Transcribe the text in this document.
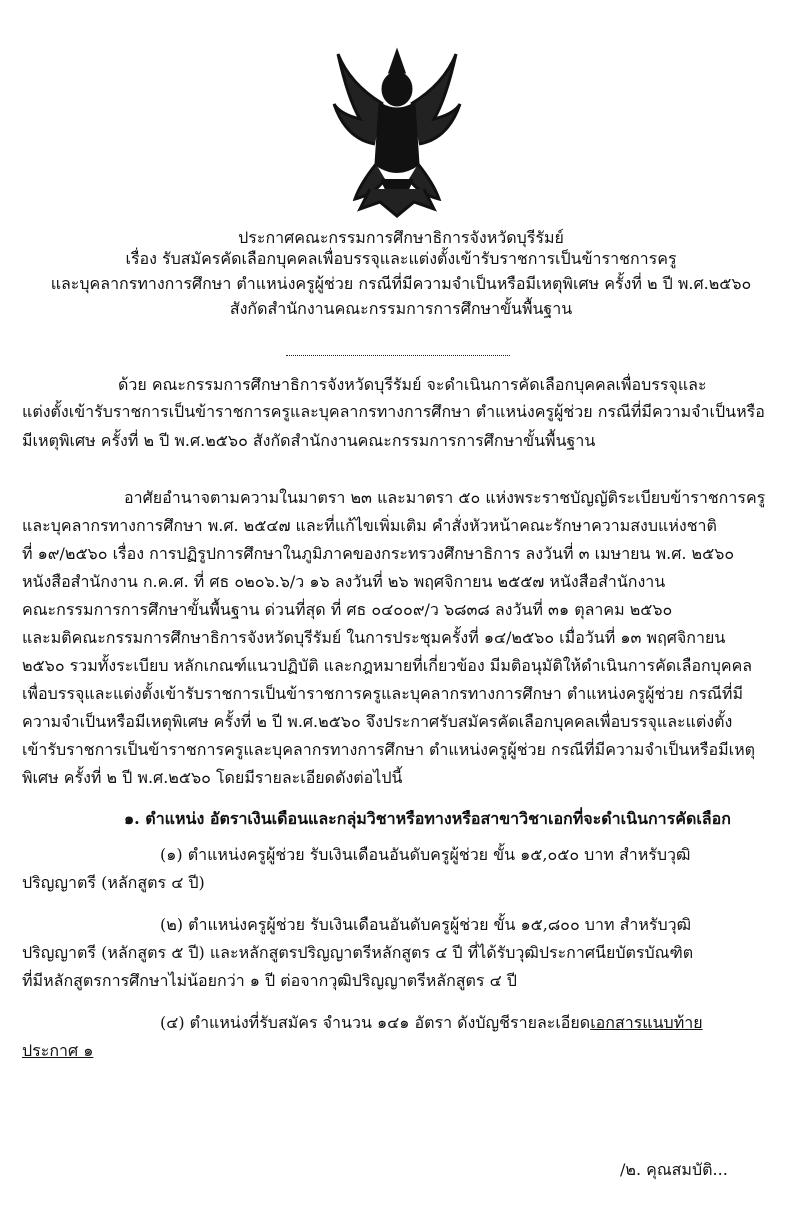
ประกาศคณะกรรมการศึกษาธิการจังหวัดบุรีรัมย์
เรื่อง รับสมัครคัดเลือกบุคคลเพื่อบรรจุและแต่งตั้งเข้ารับราชการเป็นข้าราชการครู
และบุคลากรทางการศึกษา ตำแหน่งครูผู้ช่วย กรณีที่มีความจำเป็นหรือมีเหตุพิเศษ ครั้งที่ ๒ ปี พ.ศ.๒๕๖๐
สังกัดสำนักงานคณะกรรมการการศึกษาขั้นพื้นฐาน
ด้วย คณะกรรมการศึกษาธิการจังหวัดบุรีรัมย์ จะดำเนินการคัดเลือกบุคคลเพื่อบรรจุและ
แต่งตั้งเข้ารับราชการเป็นข้าราชการครูและบุคลากรทางการศึกษา ตำแหน่งครูผู้ช่วย กรณีที่มีความจำเป็นหรือ
มีเหตุพิเศษ ครั้งที่ ๒ ปี พ.ศ.๒๕๖๐ สังกัดสำนักงานคณะกรรมการการศึกษาขั้นพื้นฐาน
อาศัยอำนาจตามความในมาตรา ๒๓ และมาตรา ๕๐ แห่งพระราชบัญญัติระเบียบข้าราชการครู
และบุคลากรทางการศึกษา พ.ศ. ๒๕๔๗ และที่แก้ไขเพิ่มเติม คำสั่งหัวหน้าคณะรักษาความสงบแห่งชาติ
ที่ ๑๙/๒๕๖๐ เรื่อง การปฏิรูปการศึกษาในภูมิภาคของกระทรวงศึกษาธิการ ลงวันที่ ๓ เมษายน พ.ศ. ๒๕๖๐
หนังสือสำนักงาน ก.ค.ศ. ที่ ศธ ๐๒๐๖.๖/ว ๑๖ ลงวันที่ ๒๖ พฤศจิกายน ๒๕๕๗ หนังสือสำนักงาน
คณะกรรมการการศึกษาขั้นพื้นฐาน ด่วนที่สุด ที่ ศธ ๐๔๐๐๙/ว ๖๘๓๘ ลงวันที่ ๓๑ ตุลาคม ๒๕๖๐
และมติคณะกรรมการศึกษาธิการจังหวัดบุรีรัมย์ ในการประชุมครั้งที่ ๑๔/๒๕๖๐ เมื่อวันที่ ๑๓ พฤศจิกายน
๒๕๖๐ รวมทั้งระเบียบ หลักเกณฑ์แนวปฏิบัติ และกฎหมายที่เกี่ยวข้อง มีมติอนุมัติให้ดำเนินการคัดเลือกบุคคล
เพื่อบรรจุและแต่งตั้งเข้ารับราชการเป็นข้าราชการครูและบุคลากรทางการศึกษา ตำแหน่งครูผู้ช่วย กรณีที่มี
ความจำเป็นหรือมีเหตุพิเศษ ครั้งที่ ๒ ปี พ.ศ.๒๕๖๐ จึงประกาศรับสมัครคัดเลือกบุคคลเพื่อบรรจุและแต่งตั้ง
เข้ารับราชการเป็นข้าราชการครูและบุคลากรทางการศึกษา ตำแหน่งครูผู้ช่วย กรณีที่มีความจำเป็นหรือมีเหตุ
พิเศษ ครั้งที่ ๒ ปี พ.ศ.๒๕๖๐ โดยมีรายละเอียดดังต่อไปนี้
๑. ตำแหน่ง อัตราเงินเดือนและกลุ่มวิชาหรือทางหรือสาขาวิชาเอกที่จะดำเนินการคัดเลือก
(๑) ตำแหน่งครูผู้ช่วย รับเงินเดือนอันดับครูผู้ช่วย ขั้น ๑๕,๐๕๐ บาท สำหรับวุฒิ
ปริญญาตรี (หลักสูตร ๔ ปี)
(๒) ตำแหน่งครูผู้ช่วย รับเงินเดือนอันดับครูผู้ช่วย ขั้น ๑๕,๘๐๐ บาท สำหรับวุฒิ
ปริญญาตรี (หลักสูตร ๕ ปี) และหลักสูตรปริญญาตรีหลักสูตร ๔ ปี ที่ได้รับวุฒิประกาศนียบัตรบัณฑิต
ที่มีหลักสูตรการศึกษาไม่น้อยกว่า ๑ ปี ต่อจากวุฒิปริญญาตรีหลักสูตร ๔ ปี
(๔) ตำแหน่งที่รับสมัคร จำนวน ๑๔๑ อัตรา ดังบัญชีรายละเอียดเอกสารแนบท้าย
ประกาศ ๑
/๒. คุณสมบัติ...
